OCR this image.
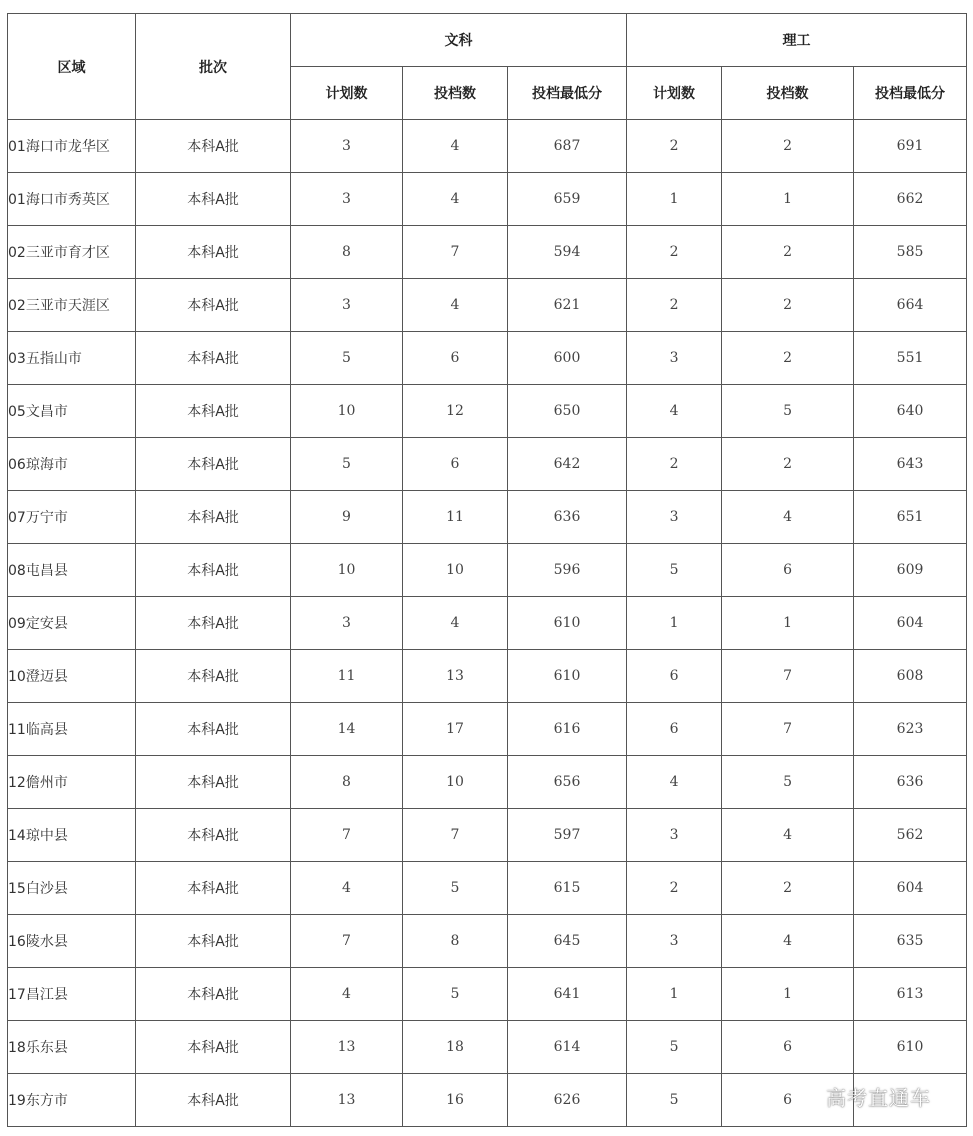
区域	批次	文科			理工		
		计划数	投档数	投档最低分	计划数	投档数	投档最低分
01海口市龙华区	本科A批	3	4	687	2	2	691
01海口市秀英区	本科A批	3	4	659	1	1	662
02三亚市育才区	本科A批	8	7	594	2	2	585
02三亚市天涯区	本科A批	3	4	621	2	2	664
03五指山市	本科A批	5	6	600	3	2	551
05文昌市	本科A批	10	12	650	4	5	640
06琼海市	本科A批	5	6	642	2	2	643
07万宁市	本科A批	9	11	636	3	4	651
08屯昌县	本科A批	10	10	596	5	6	609
09定安县	本科A批	3	4	610	1	1	604
10澄迈县	本科A批	11	13	610	6	7	608
11临高县	本科A批	14	17	616	6	7	623
12儋州市	本科A批	8	10	656	4	5	636
14琼中县	本科A批	7	7	597	3	4	562
15白沙县	本科A批	4	5	615	2	2	604
16陵水县	本科A批	7	8	645	3	4	635
17昌江县	本科A批	4	5	641	1	1	613
18乐东县	本科A批	13	18	614	5	6	610
19东方市	本科A批	13	16	626	5	6	高考直通车
